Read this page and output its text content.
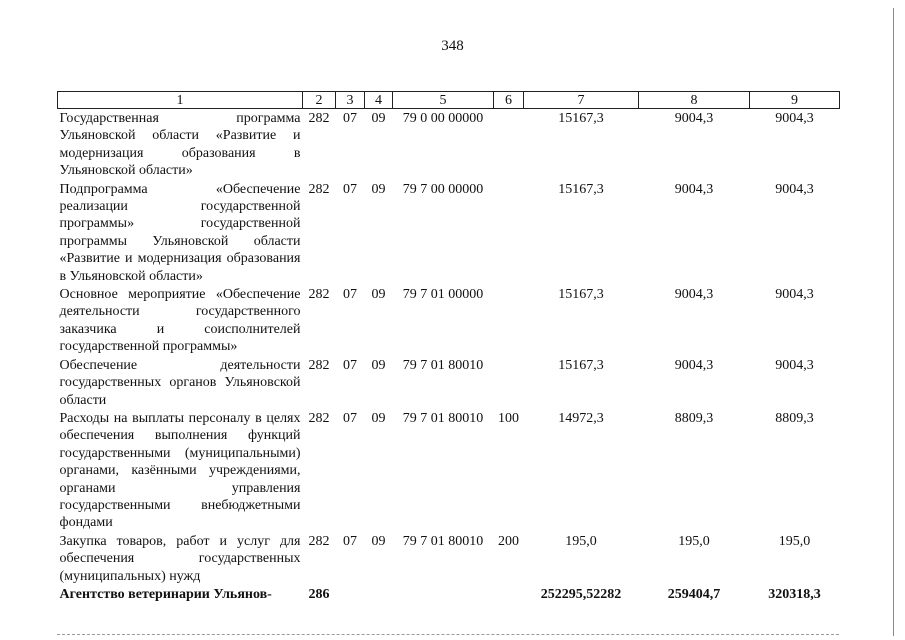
348
1	2	3	4	5	6	7	8	9
Государственная программа Ульяновской области «Развитие и модернизация образования в Ульяновской области»	282	07	09	79 0 00 00000		15167,3	9004,3	9004,3
Подпрограмма «Обеспечение реализации государственной программы» государственной программы Ульяновской области «Развитие и модернизация образования в Ульяновской области»	282	07	09	79 7 00 00000		15167,3	9004,3	9004,3
Основное мероприятие «Обеспечение деятельности государственного заказчика и соисполнителей государственной программы»	282	07	09	79 7 01 00000		15167,3	9004,3	9004,3
Обеспечение деятельности государственных органов Ульяновской области	282	07	09	79 7 01 80010		15167,3	9004,3	9004,3
Расходы на выплаты персоналу в целях обеспечения выполнения функций государственными (муниципальными) органами, казёнными учреждениями, органами управления государственными внебюджетными фондами	282	07	09	79 7 01 80010	100	14972,3	8809,3	8809,3
Закупка товаров, работ и услуг для обеспечения государственных (муниципальных) нужд	282	07	09	79 7 01 80010	200	195,0	195,0	195,0
Агентство ветеринарии Ульянов-	286					252295,52282	259404,7	320318,3
